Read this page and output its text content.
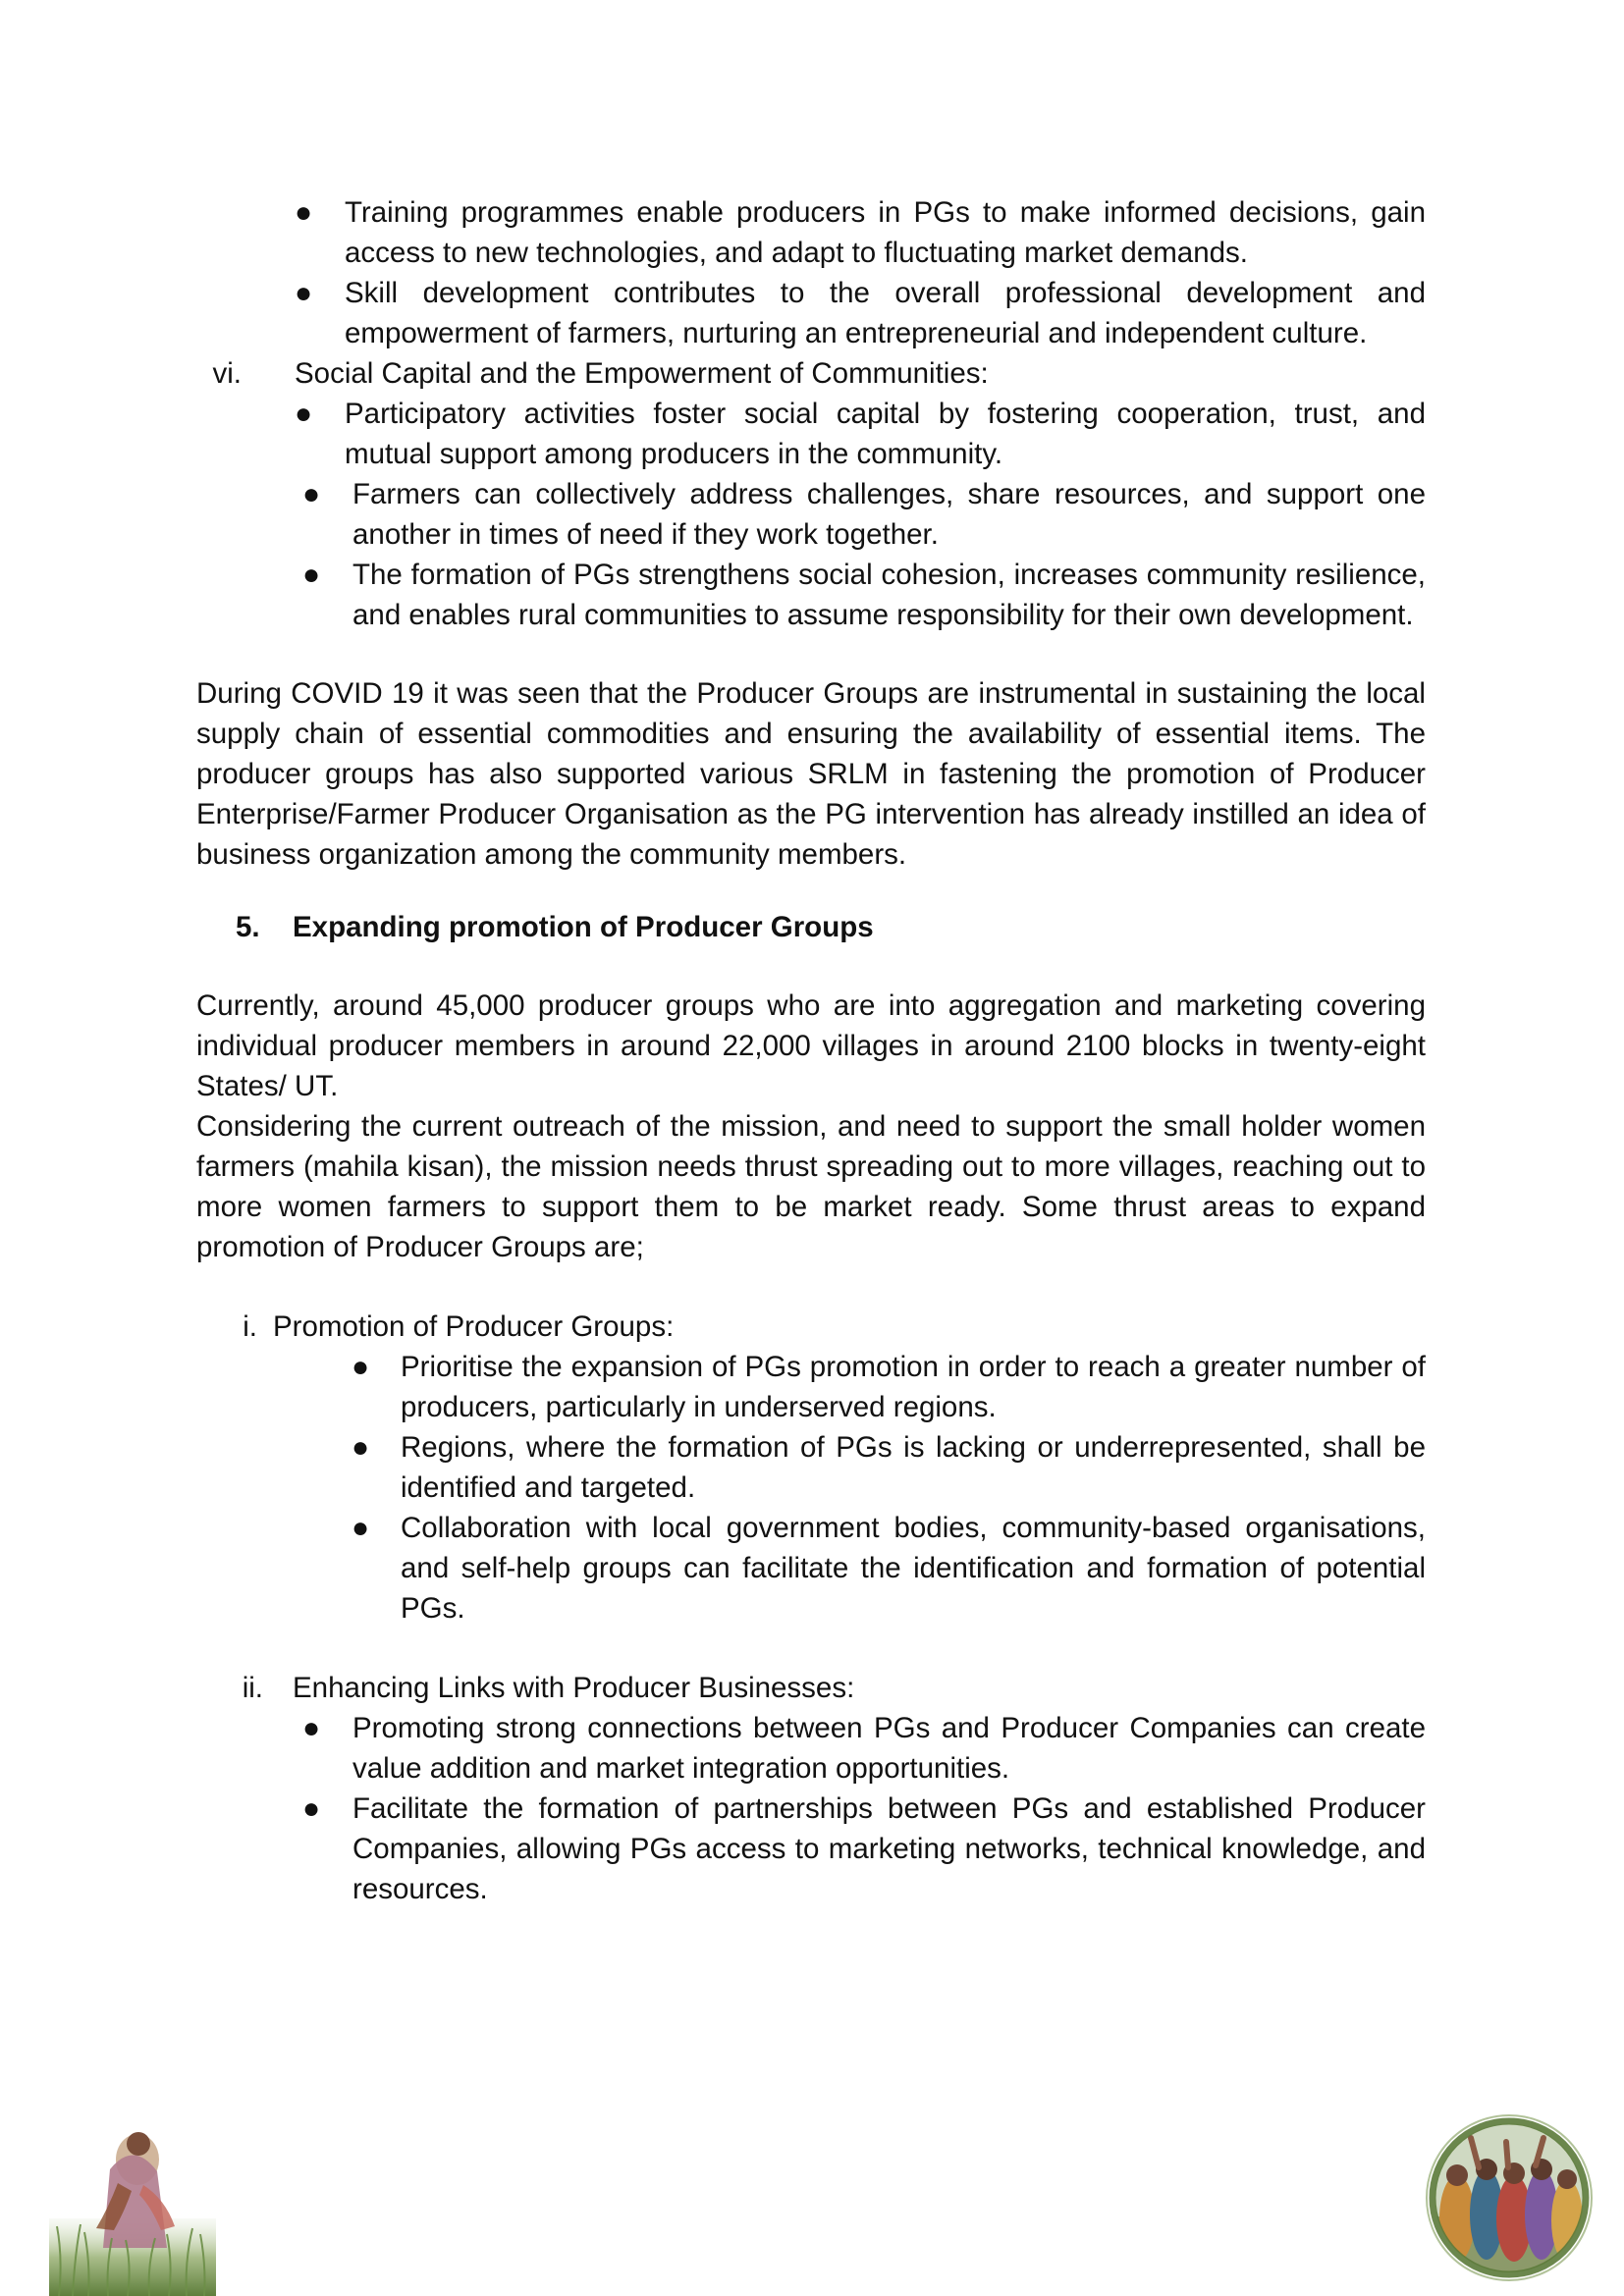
●	Training programmes enable producers in PGs to make informed decisions, gain access to new technologies, and adapt to fluctuating market demands.
●	Skill development contributes to the overall professional development and empowerment of farmers, nurturing an entrepreneurial and independent culture.
vi. Social Capital and the Empowerment of Communities:
●	Participatory activities foster social capital by fostering cooperation, trust, and mutual support among producers in the community.
●	Farmers can collectively address challenges, share resources, and support one another in times of need if they work together.
●	The formation of PGs strengthens social cohesion, increases community resilience, and enables rural communities to assume responsibility for their own development.

During COVID 19 it was seen that the Producer Groups are instrumental in sustaining the local supply chain of essential commodities and ensuring the availability of essential items. The producer groups has also supported various SRLM in fastening the promotion of Producer Enterprise/Farmer Producer Organisation as the PG intervention has already instilled an idea of business organization among the community members.

5.	Expanding promotion of Producer Groups

Currently, around 45,000 producer groups who are into aggregation and marketing covering individual producer members in around 22,000 villages in around 2100 blocks in twenty-eight States/ UT.

Considering the current outreach of the mission, and need to support the small holder women farmers (mahila kisan), the mission needs thrust spreading out to more villages, reaching out to more women farmers to support them to be market ready. Some thrust areas to expand promotion of Producer Groups are;

i. Promotion of Producer Groups:
●	Prioritise the expansion of PGs promotion in order to reach a greater number of producers, particularly in underserved regions.
●	Regions, where the formation of PGs is lacking or underrepresented, shall be identified and targeted.
●	Collaboration with local government bodies, community-based organisations, and self-help groups can facilitate the identification and formation of potential PGs.
ii. Enhancing Links with Producer Businesses:
●	Promoting strong connections between PGs and Producer Companies can create value addition and market integration opportunities.
●	Facilitate the formation of partnerships between PGs and established Producer Companies, allowing PGs access to marketing networks, technical knowledge, and resources.
